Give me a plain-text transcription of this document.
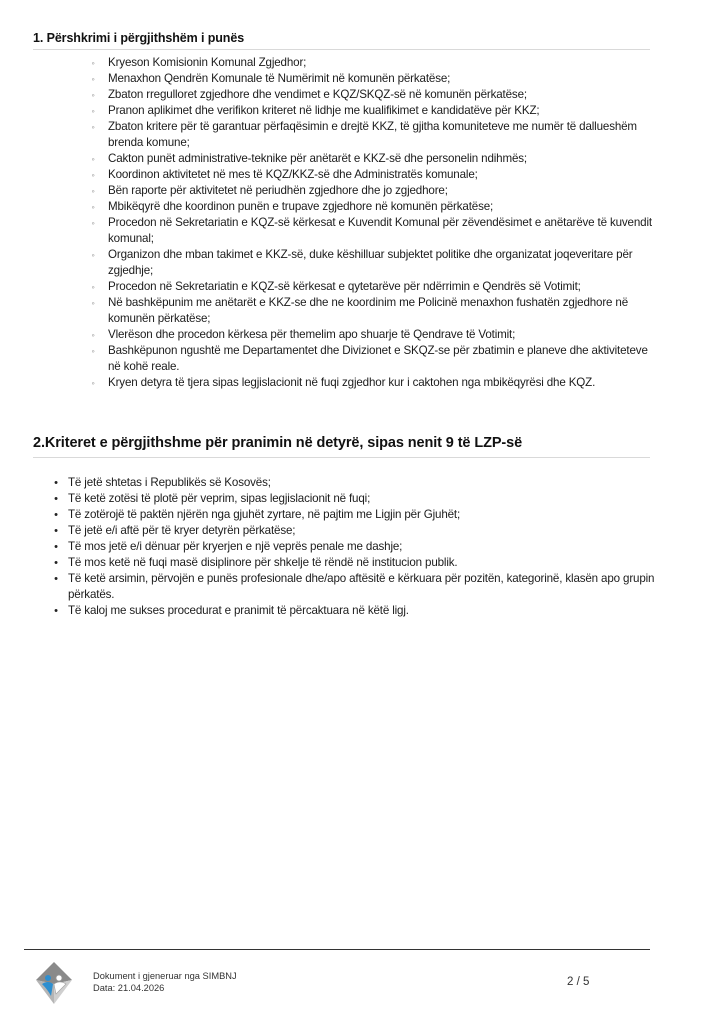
1. Përshkrimi i përgjithshëm i punës
◦	Kryeson Komisionin Komunal Zgjedhor;
◦	Menaxhon Qendrën Komunale të Numërimit në komunën përkatëse;
◦	Zbaton rregulloret zgjedhore dhe vendimet e KQZ/SKQZ-së në komunën përkatëse;
◦	Pranon aplikimet dhe verifikon kriteret në lidhje me kualifikimet e kandidatëve për KKZ;
◦	Zbaton kritere për të garantuar përfaqësimin e drejtë KKZ, të gjitha komuniteteve me numër të dallueshëm brenda komune;
◦	Cakton punët administrative-teknike për anëtarët e KKZ-së dhe personelin ndihmës;
◦	Koordinon aktivitetet në mes të KQZ/KKZ-së dhe Administratës komunale;
◦	Bën raporte për aktivitetet në periudhën zgjedhore dhe jo zgjedhore;
◦	Mbikëqyrë dhe koordinon punën e trupave zgjedhore në komunën përkatëse;
◦	Procedon në Sekretariatin e KQZ-së kërkesat e Kuvendit Komunal për zëvendësimet e anëtarëve të kuvendit komunal;
◦	Organizon dhe mban takimet e KKZ-së, duke këshilluar subjektet politike dhe organizatat joqeveritare për zgjedhje;
◦	Procedon në Sekretariatin e KQZ-së kërkesat e qytetarëve për ndërrimin e Qendrës së Votimit;
◦	Në bashkëpunim me anëtarët e KKZ-se dhe ne koordinim me Policinë menaxhon fushatën zgjedhore në komunën përkatëse;
◦	Vlerëson dhe procedon kërkesa për themelim apo shuarje të Qendrave të Votimit;
◦	Bashkëpunon ngushtë me Departamentet dhe Divizionet e SKQZ-se për zbatimin e planeve dhe aktiviteteve në kohë reale.
◦	Kryen detyra të tjera sipas legjislacionit në fuqi zgjedhor kur i caktohen nga mbikëqyrësi dhe KQZ.
2.Kriteret e përgjithshme për pranimin në detyrë, sipas nenit 9 të LZP-së
• Të jetë shtetas i Republikës së Kosovës;
• Të ketë zotësi të plotë për veprim, sipas legjislacionit në fuqi;
• Të zotërojë të paktën njërën nga gjuhët zyrtare, në pajtim me Ligjin për Gjuhët;
• Të jetë e/i aftë për të kryer detyrën përkatëse;
• Të mos jetë e/i dënuar për kryerjen e një veprës penale me dashje;
• Të mos ketë në fuqi masë disiplinore për shkelje të rëndë në institucion publik.
• Të ketë arsimin, përvojën e punës profesionale dhe/apo aftësitë e kërkuara për pozitën, kategorinë, klasën apo grupin përkatës.
• Të kaloj me sukses procedurat e pranimit të përcaktuara në këtë ligj.
Dokument i gjeneruar nga SIMBNJ
Data: 21.04.2026	2 / 5
